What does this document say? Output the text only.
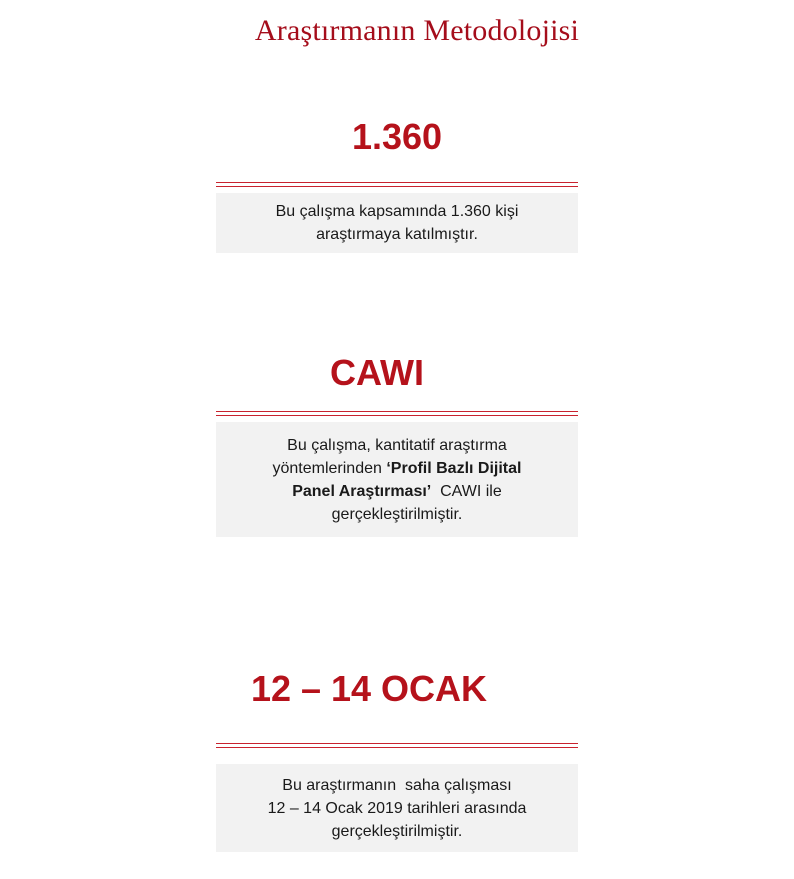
Araştırmanın Metodolojisi
1.360
Bu çalışma kapsamında 1.360 kişi
araştırmaya katılmıştır.
CAWI
Bu çalışma, kantitatif araştırma
yöntemlerinden ‘Profil Bazlı Dijital
Panel Araştırması’  CAWI ile
gerçekleştirilmiştir.
12 – 14 OCAK
Bu araştırmanın  saha çalışması
12 – 14 Ocak 2019 tarihleri arasında
gerçekleştirilmiştir.
